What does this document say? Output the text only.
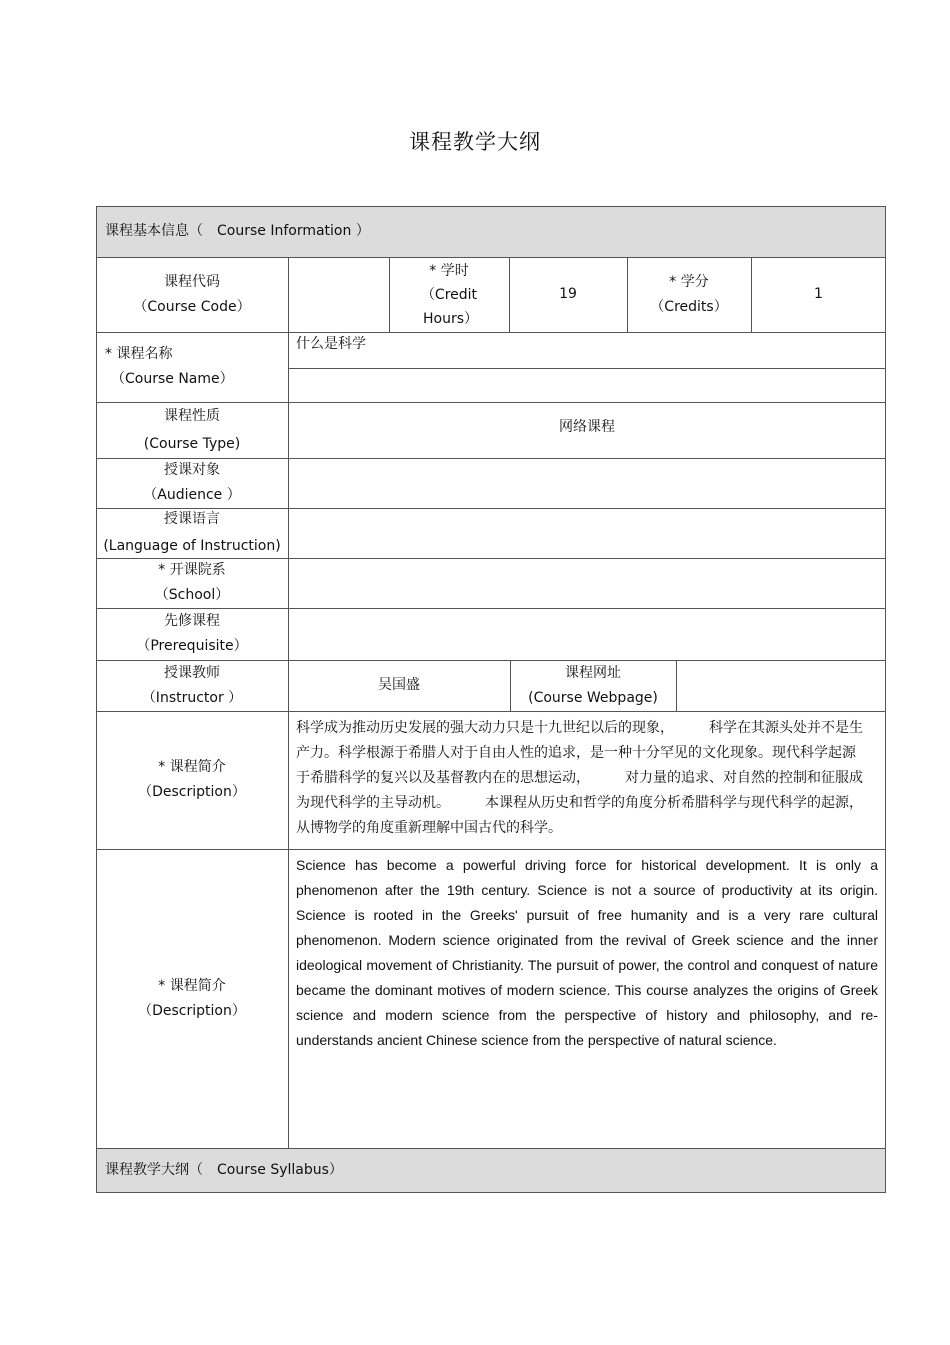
课程教学大纲
课程基本信息（　Course Information ）
课程教学大纲（　Course Syllabus）
课程代码
（Course Code）
* 学时
（Credit
Hours）
19
* 学分
（Credits）
1
* 课程名称
（Course Name）
什么是科学
课程性质
(Course Type)
网络课程
授课对象
（Audience ）
授课语言
(Language of Instruction)
* 开课院系
（School）
先修课程
（Prerequisite）
授课教师
（Instructor ）
吴国盛
课程网址
(Course Webpage)
* 课程简介
（Description）
科学成为推动历史发展的强大动力只是十九世纪以后的现象，　　　科学在其源头处并不是生产力。科学根源于希腊人对于自由人性的追求，是一种十分罕见的文化现象。现代科学起源于希腊科学的复兴以及基督教内在的思想运动，　　　对力量的追求、对自然的控制和征服成为现代科学的主导动机。　　　本课程从历史和哲学的角度分析希腊科学与现代科学的起源，从博物学的角度重新理解中国古代的科学。
* 课程简介
（Description）
Science has become a powerful driving force for historical development. It is only a phenomenon after the 19th century. Science is not a source of productivity at its origin. Science is rooted in the Greeks' pursuit of free humanity and is a very rare cultural phenomenon. Modern science originated from the revival of Greek science and the inner ideological movement of Christianity. The pursuit of power, the control and conquest of nature became the dominant motives of modern science. This course analyzes the origins of Greek science and modern science from the perspective of history and philosophy, and re-understands ancient Chinese science from the perspective of natural science.
